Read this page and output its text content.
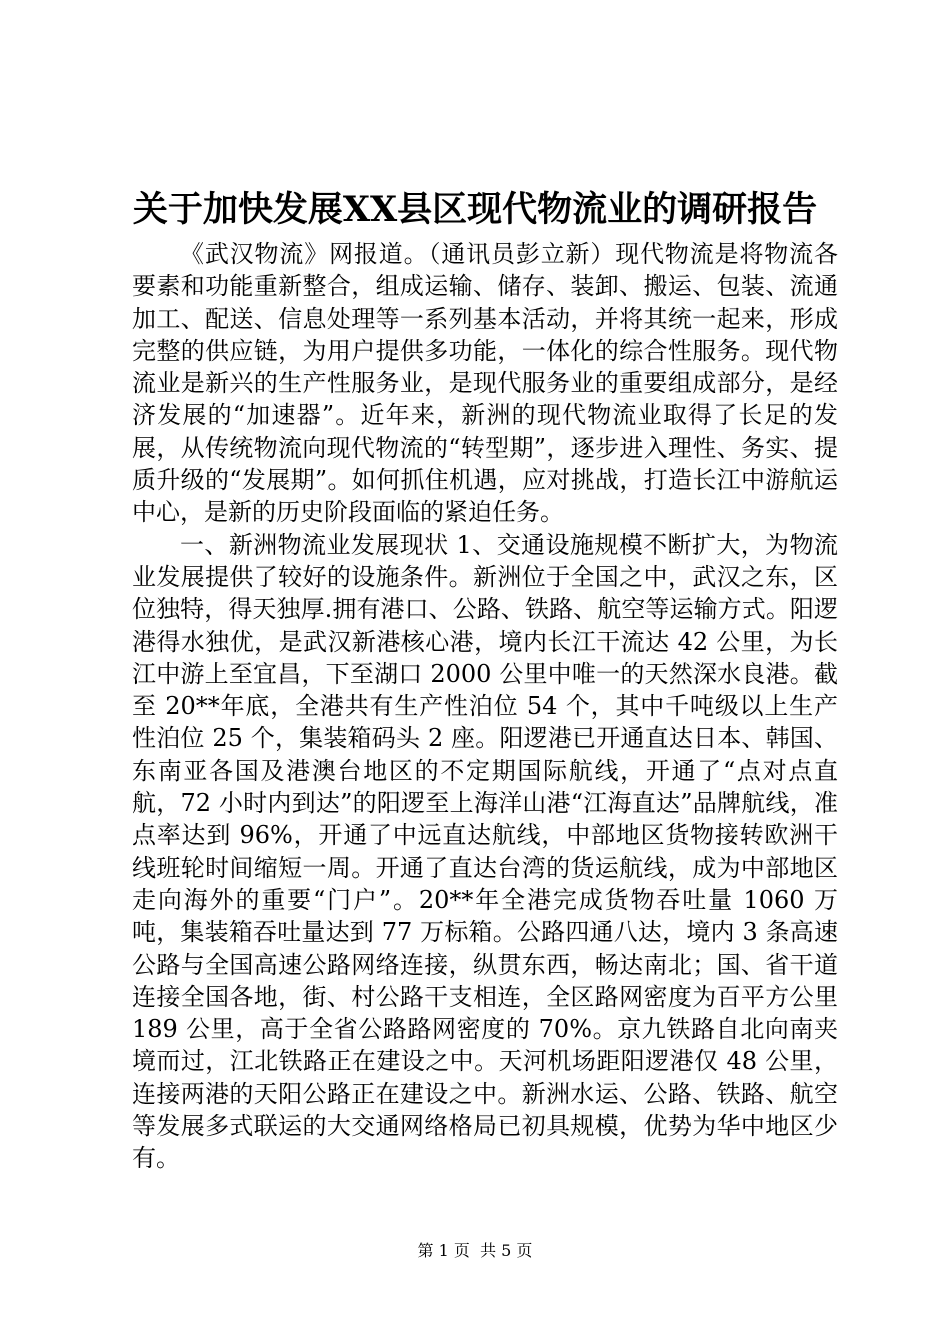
关于加快发展XX县区现代物流业的调研报告

《武汉物流》网报道。（通讯员彭立新）现代物流是将物流各要素和功能重新整合，组成运输、储存、装卸、搬运、包装、流通加工、配送、信息处理等一系列基本活动，并将其统一起来，形成完整的供应链，为用户提供多功能，一体化的综合性服务。现代物流业是新兴的生产性服务业，是现代服务业的重要组成部分，是经济发展的“加速器”。近年来，新洲的现代物流业取得了长足的发展，从传统物流向现代物流的“转型期”，逐步进入理性、务实、提质升级的“发展期”。如何抓住机遇，应对挑战，打造长江中游航运中心，是新的历史阶段面临的紧迫任务。

一、新洲物流业发展现状 1、交通设施规模不断扩大，为物流业发展提供了较好的设施条件。新洲位于全国之中，武汉之东，区位独特，得天独厚.拥有港口、公路、铁路、航空等运输方式。阳逻港得水独优，是武汉新港核心港，境内长江干流达 42 公里，为长江中游上至宜昌，下至湖口 2000 公里中唯一的天然深水良港。截至 20**年底，全港共有生产性泊位 54 个，其中千吨级以上生产性泊位 25 个，集装箱码头 2 座。阳逻港已开通直达日本、韩国、东南亚各国及港澳台地区的不定期国际航线，开通了“点对点直航，72 小时内到达”的阳逻至上海洋山港“江海直达”品牌航线，准点率达到 96%，开通了中远直达航线，中部地区货物接转欧洲干线班轮时间缩短一周。开通了直达台湾的货运航线，成为中部地区走向海外的重要“门户”。20**年全港完成货物吞吐量 1060 万吨，集装箱吞吐量达到 77 万标箱。公路四通八达，境内 3 条高速公路与全国高速公路网络连接，纵贯东西，畅达南北；国、省干道连接全国各地，街、村公路干支相连，全区路网密度为百平方公里 189 公里，高于全省公路路网密度的 70%。京九铁路自北向南夹境而过，江北铁路正在建设之中。天河机场距阳逻港仅 48 公里，连接两港的天阳公路正在建设之中。新洲水运、公路、铁路、航空等发展多式联运的大交通网络格局已初具规模，优势为华中地区少有。

第 1 页 共 5 页
